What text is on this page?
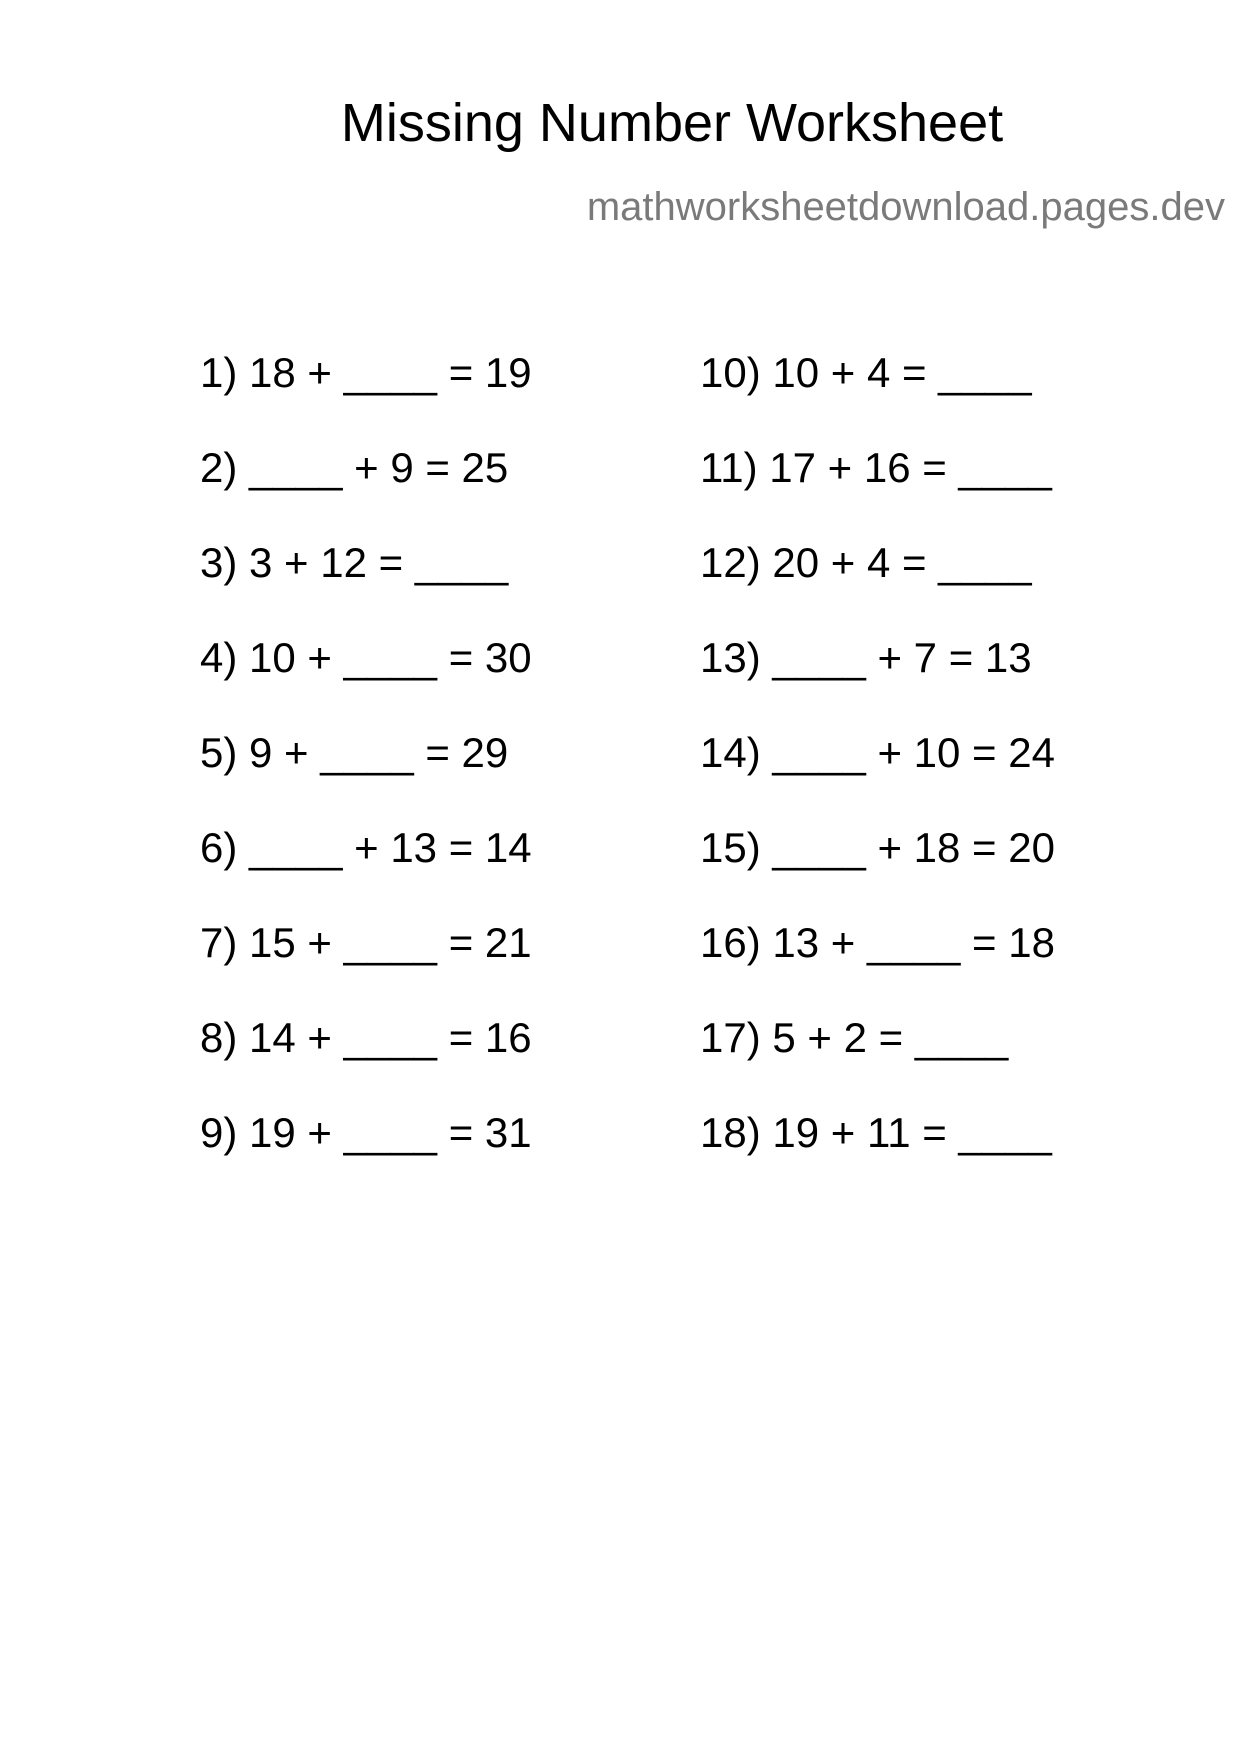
Missing Number Worksheet
mathworksheetdownload.pages.dev
1) 18 + ____ = 19
2) ____ + 9 = 25
3) 3 + 12 = ____
4) 10 + ____ = 30
5) 9 + ____ = 29
6) ____ + 13 = 14
7) 15 + ____ = 21
8) 14 + ____ = 16
9) 19 + ____ = 31
10) 10 + 4 = ____
11) 17 + 16 = ____
12) 20 + 4 = ____
13) ____ + 7 = 13
14) ____ + 10 = 24
15) ____ + 18 = 20
16) 13 + ____ = 18
17) 5 + 2 = ____
18) 19 + 11 = ____
